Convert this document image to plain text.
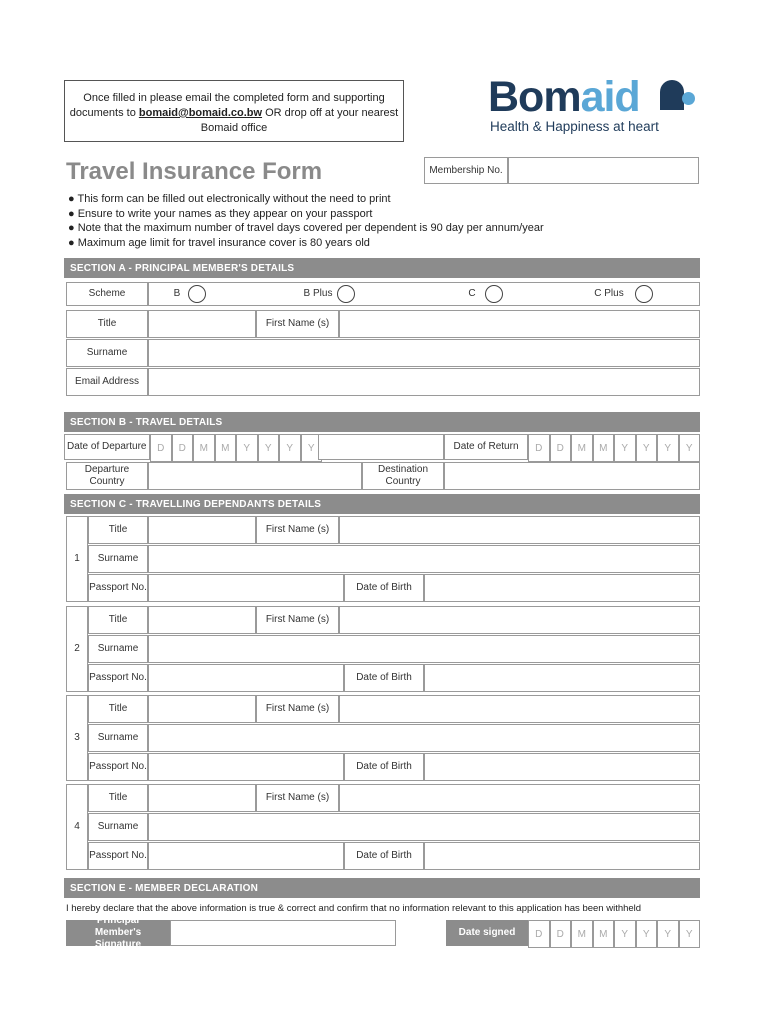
Once filled in please email the completed form and supporting
documents to bomaid@bomaid.co.bw OR drop off at your nearest
Bomaid office
Bomaid
Health & Happiness at heart
Travel Insurance Form	Membership No.
● This form can be filled out electronically without the need to print
● Ensure to write your names as they appear on your passport
● Note that the maximum number of travel days covered per dependent is 90 day per annum/year
● Maximum age limit for travel insurance cover is 80 years old
SECTION A - PRINCIPAL MEMBER'S DETAILS
Scheme	B	B Plus	C	C Plus
Title	First Name (s)
Surname
Email Address
SECTION B - TRAVEL DETAILS
Date of Departure	D	D	M	M	Y	Y	Y	Y	Date of Return	D	D	M	M	Y	Y	Y	Y
Departure Country
Destination Country
SECTION C - TRAVELLING DEPENDANTS DETAILS
1
Title	First Name (s)
Surname
Passport No.	Date of Birth
2
Title	First Name (s)
Surname
Passport No.	Date of Birth
3
Title	First Name (s)
Surname
Passport No.	Date of Birth
4
Title	First Name (s)
Surname
Passport No.	Date of Birth
SECTION E - MEMBER DECLARATION
I hereby declare that the above information is true & correct and confirm that no information relevant to this application has been withheld
Principal Member's Signature
Date signed	D	D	M	M	Y	Y	Y	Y
